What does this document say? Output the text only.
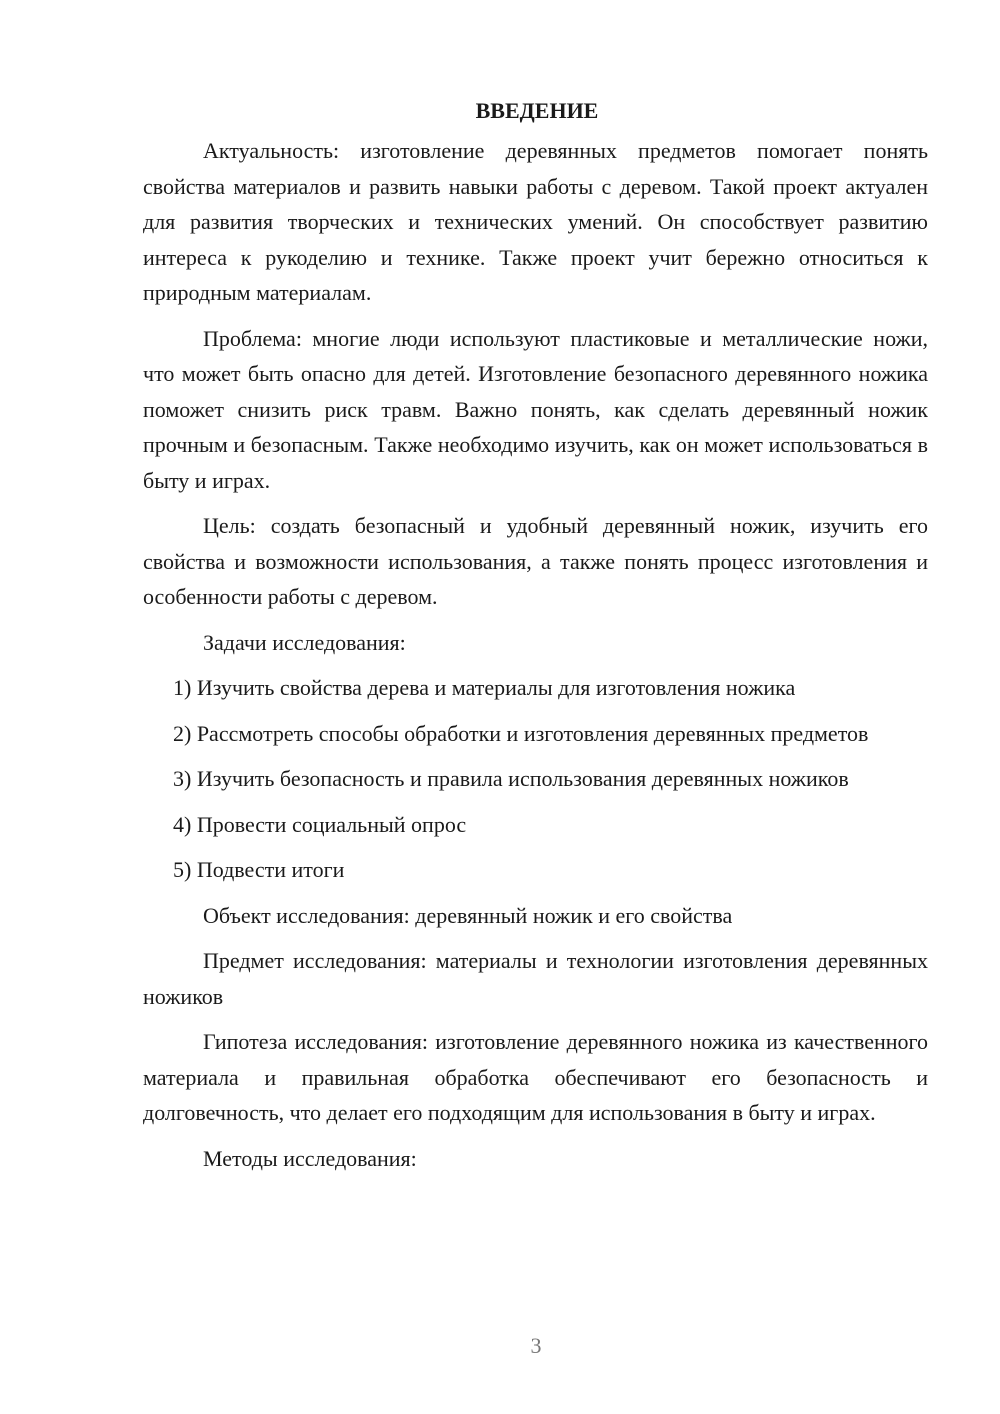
ВВЕДЕНИЕ

Актуальность: изготовление деревянных предметов помогает понять свойства материалов и развить навыки работы с деревом. Такой проект актуален для развития творческих и технических умений. Он способствует развитию интереса к рукоделию и технике. Также проект учит бережно относиться к природным материалам.

Проблема: многие люди используют пластиковые и металлические ножи, что может быть опасно для детей. Изготовление безопасного деревянного ножика поможет снизить риск травм. Важно понять, как сделать деревянный ножик прочным и безопасным. Также необходимо изучить, как он может использоваться в быту и играх.

Цель: создать безопасный и удобный деревянный ножик, изучить его свойства и возможности использования, а также понять процесс изготовления и особенности работы с деревом.

Задачи исследования:

1) Изучить свойства дерева и материалы для изготовления ножика

2) Рассмотреть способы обработки и изготовления деревянных предметов

3) Изучить безопасность и правила использования деревянных ножиков

4) Провести социальный опрос

5) Подвести итоги

Объект исследования: деревянный ножик и его свойства

Предмет исследования: материалы и технологии изготовления деревянных ножиков

Гипотеза исследования: изготовление деревянного ножика из качественного материала и правильная обработка обеспечивают его безопасность и долговечность, что делает его подходящим для использования в быту и играх.

Методы исследования:

3
